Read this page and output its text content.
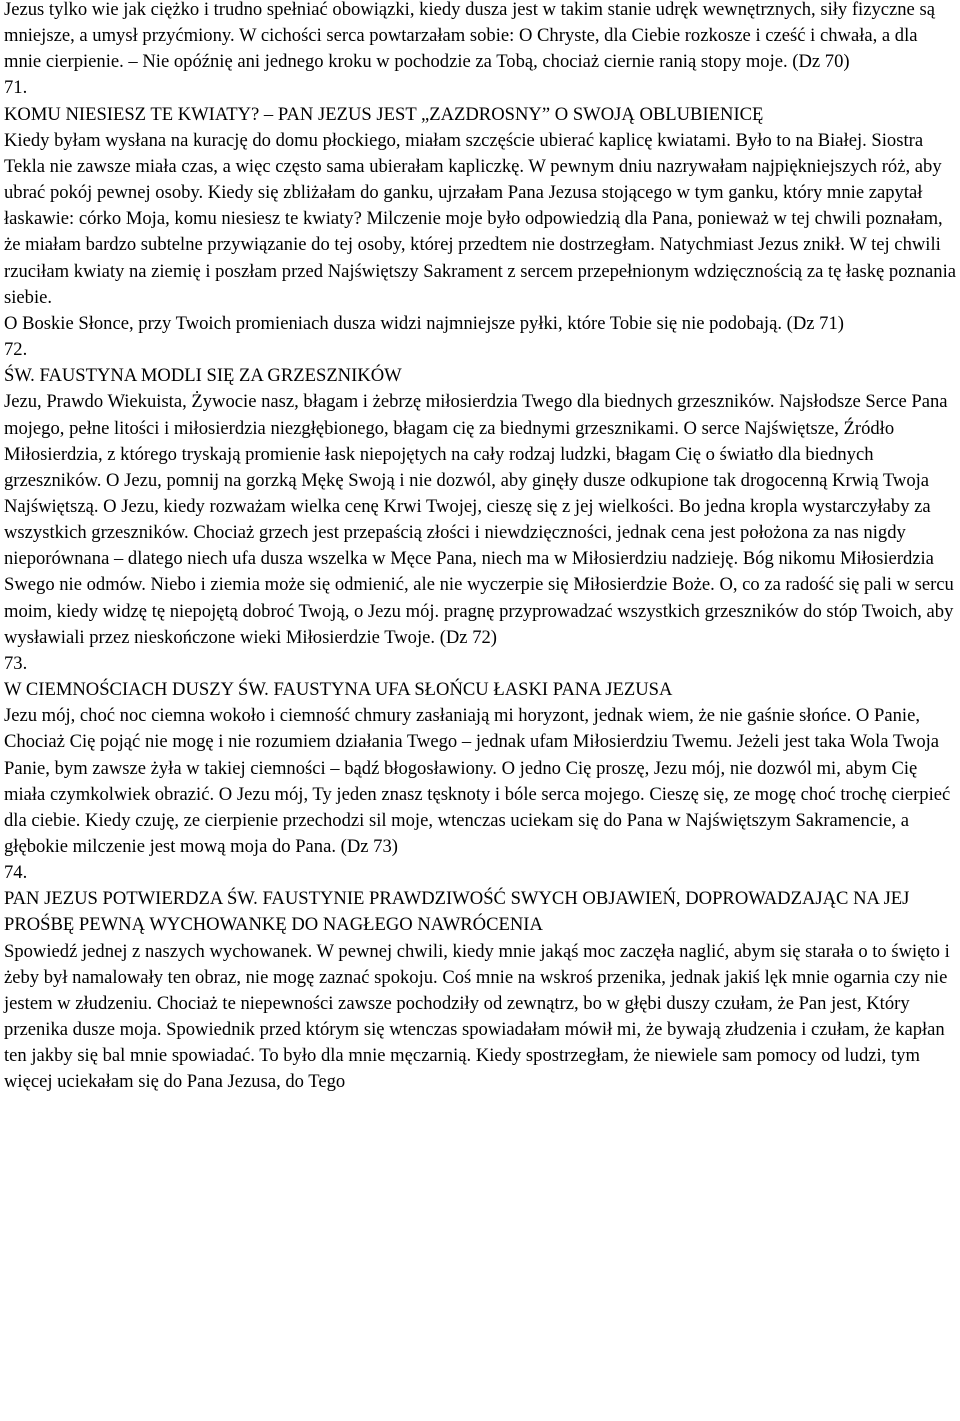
Jezus tylko wie jak ciężko i trudno spełniać obowiązki, kiedy dusza jest w takim stanie udręk wewnętrznych, siły fizyczne są mniejsze, a umysł przyćmiony. W cichości serca powtarzałam sobie: O Chryste, dla Ciebie rozkosze i cześć i chwała, a dla mnie cierpienie. – Nie opóźnię ani jednego kroku w pochodzie za Tobą, chociaż ciernie ranią stopy moje. (Dz 70)

71.

KOMU NIESIESZ TE KWIATY? – PAN JEZUS JEST „ZAZDROSNY” O SWOJĄ OBLUBIENICĘ

Kiedy byłam wysłana na kurację do domu płockiego, miałam szczęście ubierać kaplicę kwiatami. Było to na Białej. Siostra Tekla nie zawsze miała czas, a więc często sama ubierałam kapliczkę. W pewnym dniu nazrywałam najpiękniejszych róż, aby ubrać pokój pewnej osoby. Kiedy się zbliżałam do ganku, ujrzałam Pana Jezusa stojącego w tym ganku, który mnie zapytał łaskawie: córko Moja, komu niesiesz te kwiaty? Milczenie moje było odpowiedzią dla Pana, ponieważ w tej chwili poznałam, że miałam bardzo subtelne przywiązanie do tej osoby, której przedtem nie dostrzegłam. Natychmiast Jezus znikł. W tej chwili rzuciłam kwiaty na ziemię i poszłam przed Najświętszy Sakrament z sercem przepełnionym wdzięcznością za tę łaskę poznania siebie.

O Boskie Słonce, przy Twoich promieniach dusza widzi najmniejsze pyłki, które Tobie się nie podobają. (Dz 71)

72.

ŚW. FAUSTYNA MODLI SIĘ ZA GRZESZNIKÓW

Jezu, Prawdo Wiekuista, Żywocie nasz, błagam i żebrzę miłosierdzia Twego dla biednych grzeszników. Najsłodsze Serce Pana mojego, pełne litości i miłosierdzia niezgłębionego, błagam cię za biednymi grzesznikami. O serce Najświętsze, Źródło Miłosierdzia, z którego tryskają promienie łask niepojętych na cały rodzaj ludzki, błagam Cię o światło dla biednych grzeszników. O Jezu, pomnij na gorzką Mękę Swoją i nie dozwól, aby ginęły dusze odkupione tak drogocenną Krwią Twoja Najświętszą. O Jezu, kiedy rozważam wielka cenę Krwi Twojej, cieszę się z jej wielkości. Bo jedna kropla wystarczyłaby za wszystkich grzeszników. Chociaż grzech jest przepaścią złości i niewdzięczności, jednak cena jest położona za nas nigdy nieporównana – dlatego niech ufa dusza wszelka w Męce Pana, niech ma w Miłosierdziu nadzieję. Bóg nikomu Miłosierdzia Swego nie odmów. Niebo i ziemia może się odmienić, ale nie wyczerpie się Miłosierdzie Boże. O, co za radość się pali w sercu moim, kiedy widzę tę niepojętą dobroć Twoją, o Jezu mój. pragnę przyprowadzać wszystkich grzeszników do stóp Twoich, aby wysławiali przez nieskończone wieki Miłosierdzie Twoje. (Dz 72)

73.

W CIEMNOŚCIACH DUSZY ŚW. FAUSTYNA UFA SŁOŃCU ŁASKI PANA JEZUSA

Jezu mój, choć noc ciemna wokoło i ciemność chmury zasłaniają mi horyzont, jednak wiem, że nie gaśnie słońce. O Panie, Chociaż Cię pojąć nie mogę i nie rozumiem działania Twego – jednak ufam Miłosierdziu Twemu. Jeżeli jest taka Wola Twoja Panie, bym zawsze żyła w takiej ciemności – bądź błogosławiony. O jedno Cię proszę, Jezu mój, nie dozwól mi, abym Cię miała czymkolwiek obrazić. O Jezu mój, Ty jeden znasz tęsknoty i bóle serca mojego. Cieszę się, ze mogę choć trochę cierpieć dla ciebie. Kiedy czuję, ze cierpienie przechodzi sil moje, wtenczas uciekam się do Pana w Najświętszym Sakramencie, a głębokie milczenie jest mową moja do Pana. (Dz 73)

74.

PAN JEZUS POTWIERDZA ŚW. FAUSTYNIE PRAWDZIWOŚĆ SWYCH OBJAWIEŃ, DOPROWADZAJĄC NA JEJ PROŚBĘ PEWNĄ WYCHOWANKĘ DO NAGŁEGO NAWRÓCENIA

Spowiedź jednej z naszych wychowanek. W pewnej chwili, kiedy mnie jakąś moc zaczęła naglić, abym się starała o to święto i żeby był namalowały ten obraz, nie mogę zaznać spokoju. Coś mnie na wskroś przenika, jednak jakiś lęk mnie ogarnia czy nie jestem w złudzeniu. Chociaż te niepewności zawsze pochodziły od zewnątrz, bo w głębi duszy czułam, że Pan jest, Który przenika dusze moja. Spowiednik przed którym się wtenczas spowiadałam mówił mi, że bywają złudzenia i czułam, że kapłan ten jakby się bal mnie spowiadać. To było dla mnie męczarnią. Kiedy spostrzegłam, że niewiele sam pomocy od ludzi, tym więcej uciekałam się do Pana Jezusa, do Tego
